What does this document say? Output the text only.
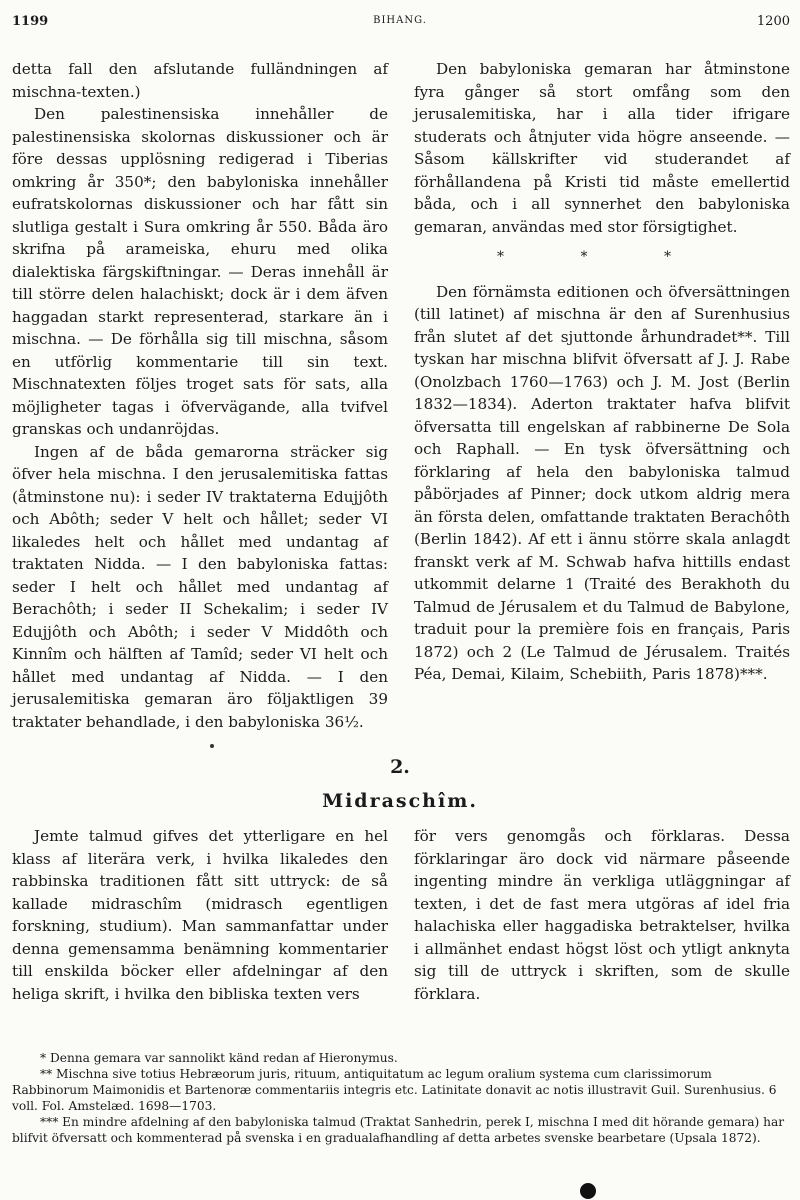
1199	BIHANG.	1200

detta fall den afslutande fulländningen af mischna-texten.)

Den palestinensiska innehåller de palestinensiska skolornas diskussioner och är före dessas upplösning redigerad i Tiberias omkring år 350*; den babyloniska innehåller eufratskolornas diskussioner och har fått sin slutliga gestalt i Sura omkring år 550. Båda äro skrifna på arameiska, ehuru med olika dialektiska färgskiftningar. — Deras innehåll är till större delen halachiskt; dock är i dem äfven haggadan starkt representerad, starkare än i mischna. — De förhålla sig till mischna, såsom en utförlig kommentarie till sin text. Mischnatexten följes troget sats för sats, alla möjligheter tagas i öfvervägande, alla tvifvel granskas och undanröjdas.

Ingen af de båda gemarorna sträcker sig öfver hela mischna. I den jerusalemitiska fattas (åtminstone nu): i seder IV traktaterna Edujjôth och Abôth; seder V helt och hållet; seder VI likaledes helt och hållet med undantag af traktaten Nidda. — I den babyloniska fattas: seder I helt och hållet med undantag af Berachôth; i seder II Schekalim; i seder IV Edujjôth och Abôth; i seder V Middôth och Kinnîm och hälften af Tamîd; seder VI helt och hållet med undantag af Nidda. — I den jerusalemitiska gemaran äro följaktligen 39 traktater behandlade, i den babyloniska 36½.

Den babyloniska gemaran har åtminstone fyra gånger så stort omfång som den jerusalemitiska, har i alla tider ifrigare studerats och åtnjuter vida högre anseende. — Såsom källskrifter vid studerandet af förhållandena på Kristi tid måste emellertid båda, och i all synnerhet den babyloniska gemaran, användas med stor försigtighet.

* * *

Den förnämsta editionen och öfversättningen (till latinet) af mischna är den af Surenhusius från slutet af det sjuttonde århundradet**. Till tyskan har mischna blifvit öfversatt af J. J. Rabe (Onolzbach 1760—1763) och J. M. Jost (Berlin 1832—1834). Aderton traktater hafva blifvit öfversatta till engelskan af rabbinerne De Sola och Raphall. — En tysk öfversättning och förklaring af hela den babyloniska talmud påbörjades af Pinner; dock utkom aldrig mera än första delen, omfattande traktaten Berachôth (Berlin 1842). Af ett i ännu större skala anlagdt franskt verk af M. Schwab hafva hittills endast utkommit delarne 1 (Traité des Berakhoth du Talmud de Jérusalem et du Talmud de Babylone, traduit pour la première fois en français, Paris 1872) och 2 (Le Talmud de Jérusalem. Traités Péa, Demai, Kilaim, Schebiith, Paris 1878)***.

2.
Midraschîm.

Jemte talmud gifves det ytterligare en hel klass af literära verk, i hvilka likaledes den rabbinska traditionen fått sitt uttryck: de så kallade midraschîm (midrasch egentligen forskning, studium). Man sammanfattar under denna gemensamma benämning kommentarier till enskilda böcker eller afdelningar af den heliga skrift, i hvilka den bibliska texten vers

för vers genomgås och förklaras. Dessa förklaringar äro dock vid närmare påseende ingenting mindre än verkliga utläggningar af texten, i det de fast mera utgöras af idel fria halachiska eller haggadiska betraktelser, hvilka i allmänhet endast högst löst och ytligt anknyta sig till de uttryck i skriften, som de skulle förklara.

* Denna gemara var sannolikt känd redan af Hieronymus.

** Mischna sive totius Hebræorum juris, rituum, antiquitatum ac legum oralium systema cum clarissimorum Rabbinorum Maimonidis et Bartenoræ commentariis integris etc. Latinitate donavit ac notis illustravit Guil. Surenhusius. 6 voll. Fol. Amstelæd. 1698—1703.

*** En mindre afdelning af den babyloniska talmud (Traktat Sanhedrin, perek I, mischna I med dit hörande gemara) har blifvit öfversatt och kommenterad på svenska i en gradualafhandling af detta arbetes svenske bearbetare (Upsala 1872).
